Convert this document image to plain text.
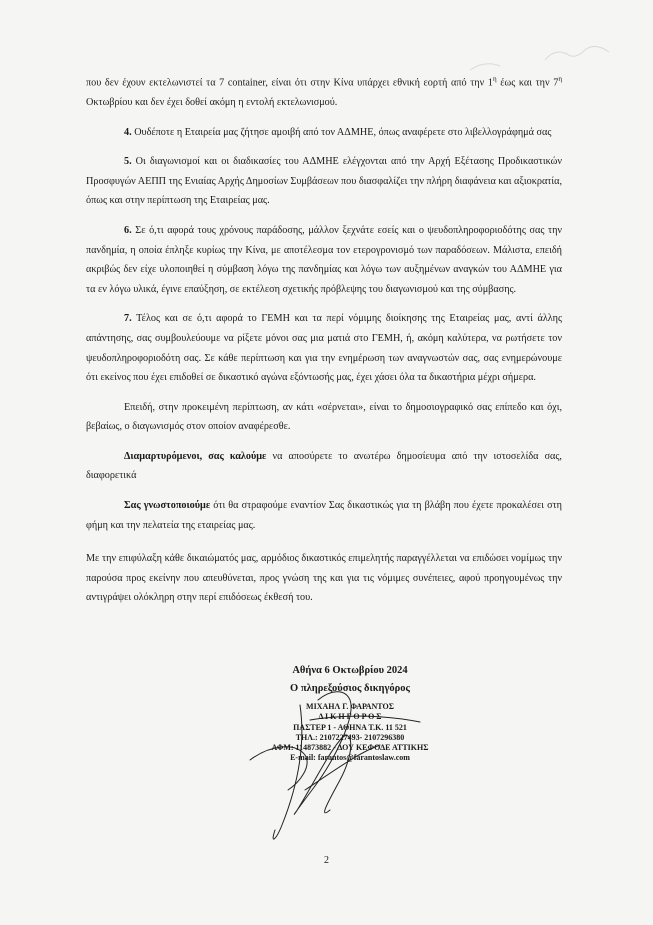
που δεν έχουν εκτελωνιστεί τα 7 container, είναι ότι στην Κίνα υπάρχει εθνική εορτή από την $1^\eta$ έως και την $7^\eta$ Οκτωβρίου και δεν έχει δοθεί ακόμη η εντολή εκτελωνισμού.

4. Ουδέποτε η Εταιρεία μας ζήτησε αμοιβή από τον ΑΔΜΗΕ, όπως αναφέρετε στο λιβελλογράφημά σας

5. Οι διαγωνισμοί και οι διαδικασίες του ΑΔΜΗΕ ελέγχονται από την Αρχή Εξέτασης Προδικαστικών Προσφυγών ΑΕΠΠ της Ενιαίας Αρχής Δημοσίων Συμβάσεων που διασφαλίζει την πλήρη διαφάνεια και αξιοκρατία, όπως και στην περίπτωση της Εταιρείας μας.

6. Σε ό,τι αφορά τους χρόνους παράδοσης, μάλλον ξεχνάτε εσείς και ο ψευδοπληροφοριοδότης σας την πανδημία, η οποία έπληξε κυρίως την Κίνα, με αποτέλεσμα τον ετερογρονισμό των παραδόσεων. Μάλιστα, επειδή ακριβώς δεν είχε υλοποιηθεί η σύμβαση λόγω της πανδημίας και λόγω των αυξημένων αναγκών του ΑΔΜΗΕ για τα εν λόγω υλικά, έγινε επαύξηση, σε εκτέλεση σχετικής πρόβλεψης του διαγωνισμού και της σύμβασης.

7. Τέλος και σε ό,τι αφορά το ΓΕΜΗ και τα περί νόμιμης διοίκησης της Εταιρείας μας, αντί άλλης απάντησης, σας συμβουλεύουμε να ρίξετε μόνοι σας μια ματιά στο ΓΕΜΗ, ή, ακόμη καλύτερα, να ρωτήσετε τον ψευδοπληροφοριοδότη σας. Σε κάθε περίπτωση και για την ενημέρωση των αναγνωστών σας, σας ενημερώνουμε ότι εκείνος που έχει επιδοθεί σε δικαστικό αγώνα εξόντωσής μας, έχει χάσει όλα τα δικαστήρια μέχρι σήμερα.

Επειδή, στην προκειμένη περίπτωση, αν κάτι «σέρνεται», είναι το δημοσιογραφικό σας επίπεδο και όχι, βεβαίως, ο διαγωνισμός στον οποίον αναφέρεσθε.

Διαμαρτυρόμενοι, σας καλούμε να αποσύρετε το ανωτέρω δημοσίευμα από την ιστοσελίδα σας, διαφορετικά

Σας γνωστοποιούμε ότι θα στραφούμε εναντίον Σας δικαστικώς για τη βλάβη που έχετε προκαλέσει στη φήμη και την πελατεία της εταιρείας μας.

Με την επιφύλαξη κάθε δικαιώματός μας, αρμόδιος δικαστικός επιμελητής παραγγέλλεται να επιδώσει νομίμως την παρούσα προς εκείνην που απευθύνεται, προς γνώση της και για τις νόμιμες συνέπειες, αφού προηγουμένως την αντιγράψει ολόκληρη στην περί επιδόσεως έκθεσή του.

Αθήνα 6 Οκτωβρίου 2024
Ο πληρεξούσιος δικηγόρος
ΜΙΧΑΗΛ Γ. ΦΑΡΑΝΤΟΣ
Δ Ι Κ Η Γ Ο Ρ Ο Σ
ΠΑΣΤΕΡ 1 - ΑΘΗΝΑ Τ.Κ. 11 521
ΤΗΛ.: 2107227493- 2107296380
ΑΦΜ: 114873882 - ΔΟΥ ΚΕΦΟΔΕ ΑΤΤΙΚΗΣ
E-mail: farantos@farantoslaw.com
2
